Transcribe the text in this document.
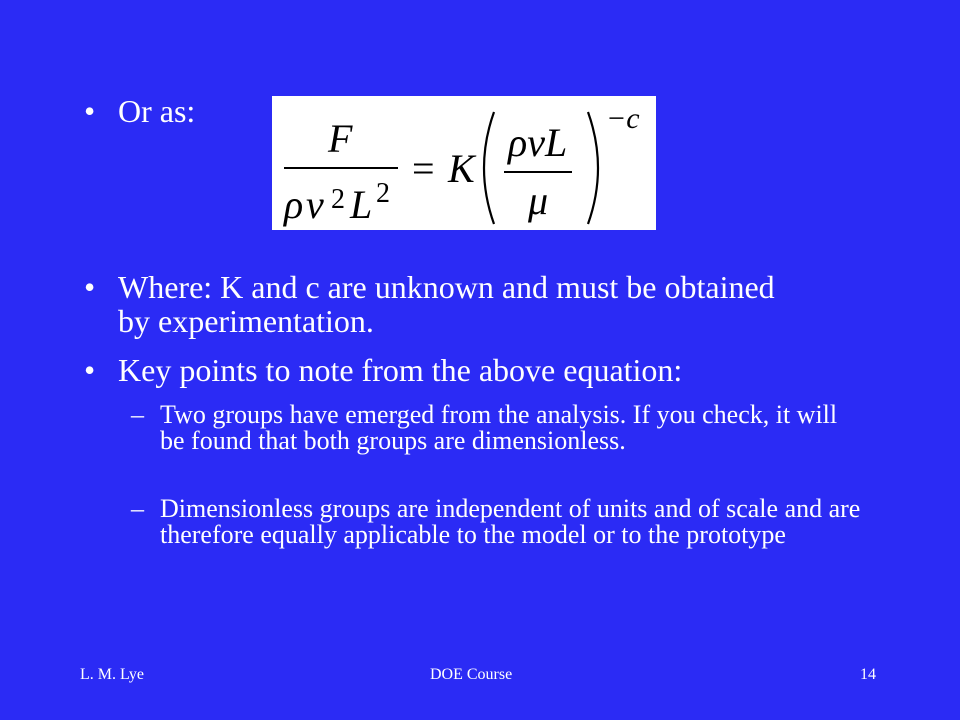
• Or as:
F
ρ v 2 L 2
= K
ρvL
μ
−c
• Where: K and c are unknown and must be obtained by experimentation.
• Key points to note from the above equation:
– Two groups have emerged from the analysis. If you check, it will be found that both groups are dimensionless.
– Dimensionless groups are independent of units and of scale and are therefore equally applicable to the model or to the prototype
L. M. Lye	DOE Course	14
